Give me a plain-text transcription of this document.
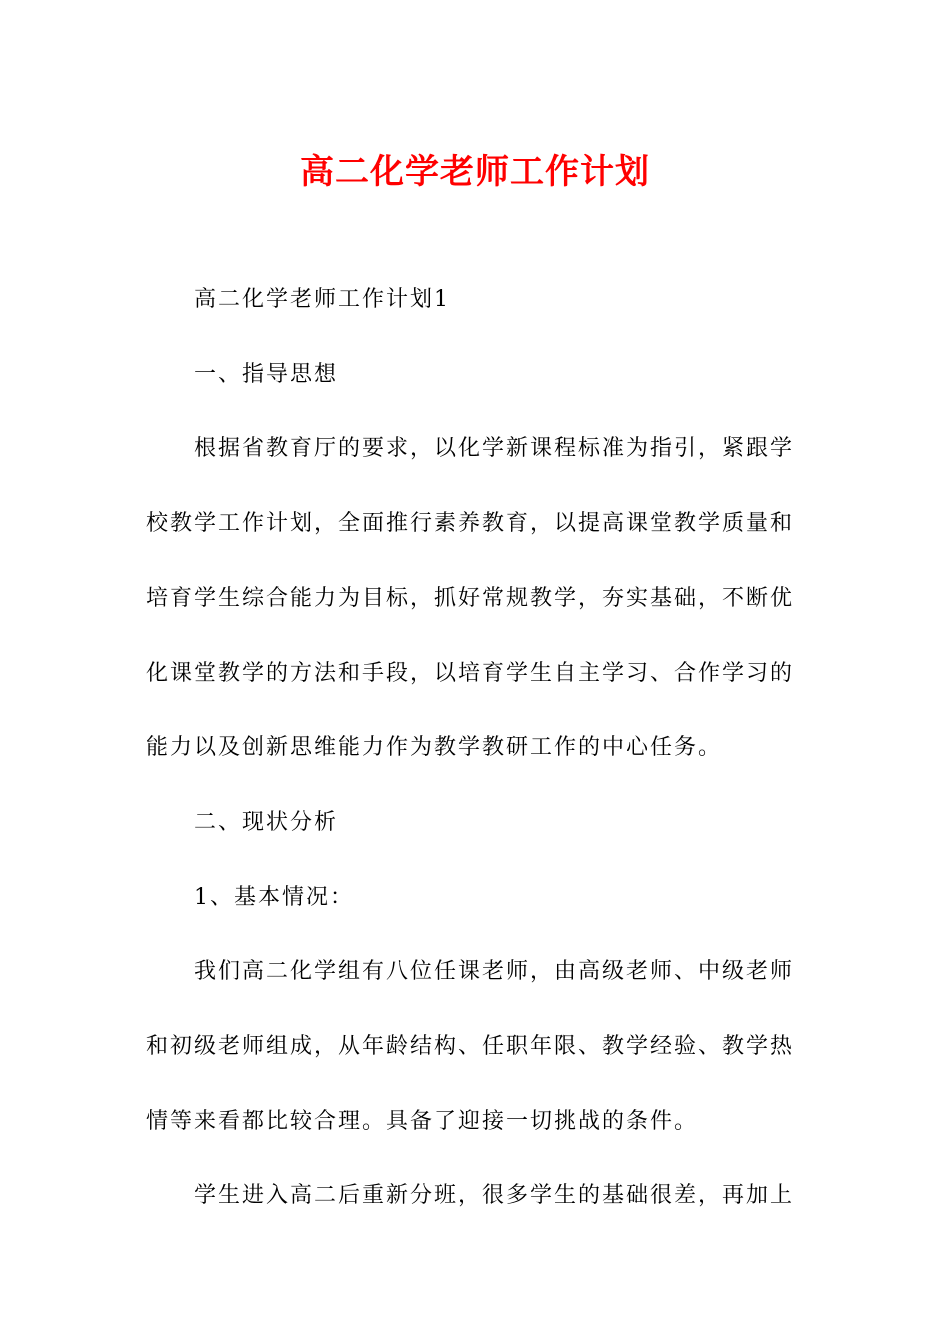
高二化学老师工作计划

高二化学老师工作计划1

一、指导思想

根据省教育厅的要求，以化学新课程标准为指引，紧跟学校教学工作计划，全面推行素养教育，以提高课堂教学质量和培育学生综合能力为目标，抓好常规教学，夯实基础，不断优化课堂教学的方法和手段，以培育学生自主学习、合作学习的能力以及创新思维能力作为教学教研工作的中心任务。

二、现状分析

1、基本情况：

我们高二化学组有八位任课老师，由高级老师、中级老师和初级老师组成，从年龄结构、任职年限、教学经验、教学热情等来看都比较合理。具备了迎接一切挑战的条件。

学生进入高二后重新分班，很多学生的基础很差，再加上
